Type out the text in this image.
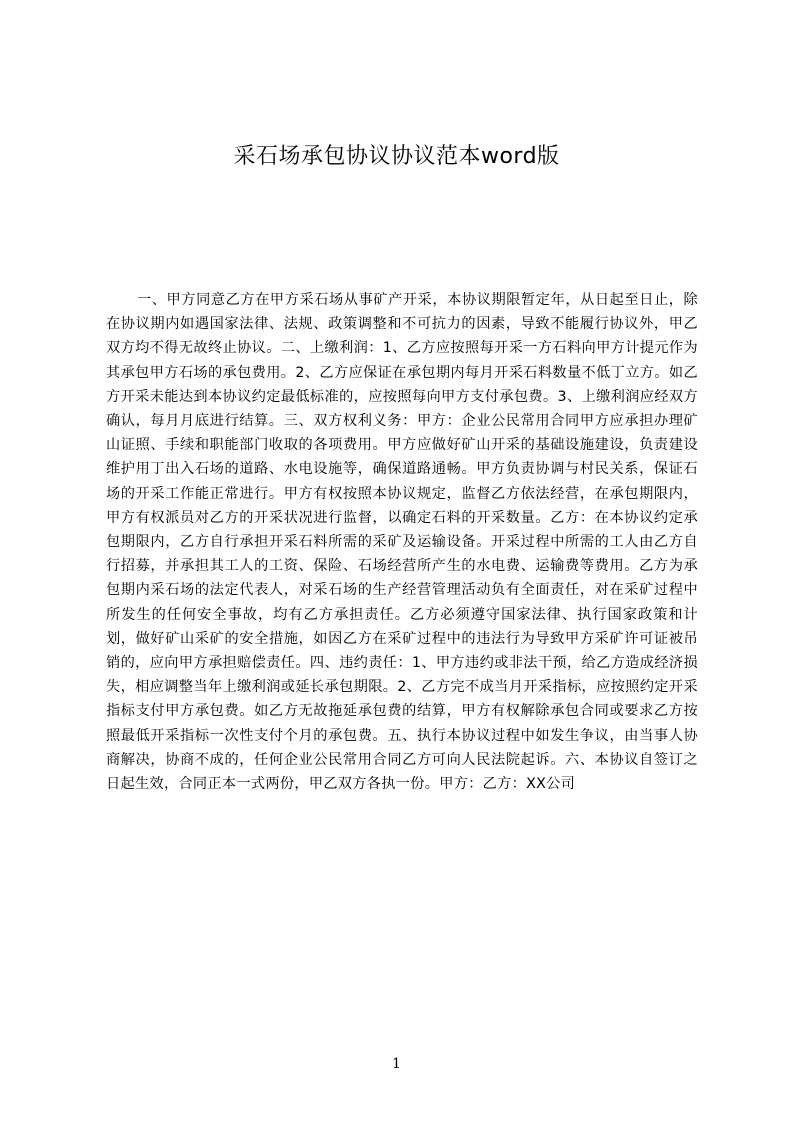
采石场承包协议协议范本word版

一、甲方同意乙方在甲方采石场从事矿产开采，本协议期限暂定年，从日起至日止，除在协议期内如遇国家法律、法规、政策调整和不可抗力的因素，导致不能履行协议外，甲乙双方均不得无故终止协议。二、上缴利润：1、乙方应按照每开采一方石料向甲方计提元作为其承包甲方石场的承包费用。2、乙方应保证在承包期内每月开采石料数量不低丁立方。如乙方开采未能达到本协议约定最低标准的，应按照每向甲方支付承包费。3、上缴利润应经双方确认，每月月底进行结算。三、双方权利义务：甲方：企业公民常用合同甲方应承担办理矿山证照、手续和职能部门收取的各项费用。甲方应做好矿山开采的基础设施建设，负责建设维护用丁出入石场的道路、水电设施等，确保道路通畅。甲方负责协调与村民关系，保证石场的开采工作能正常进行。甲方有权按照本协议规定，监督乙方依法经营，在承包期限内，甲方有权派员对乙方的开采状况进行监督，以确定石料的开采数量。乙方：在本协议约定承包期限内，乙方自行承担开采石料所需的采矿及运输设备。开采过程中所需的工人由乙方自行招募，并承担其工人的工资、保险、石场经营所产生的水电费、运输费等费用。乙方为承包期内采石场的法定代表人，对采石场的生产经营管理活动负有全面责任，对在采矿过程中所发生的任何安全事故，均有乙方承担责任。乙方必须遵守国家法律、执行国家政策和计划，做好矿山采矿的安全措施，如因乙方在采矿过程中的违法行为导致甲方采矿许可证被吊销的，应向甲方承担赔偿责任。四、违约责任：1、甲方违约或非法干预，给乙方造成经济损失，相应调整当年上缴利润或延长承包期限。2、乙方完不成当月开采指标，应按照约定开采指标支付甲方承包费。如乙方无故拖延承包费的结算，甲方有权解除承包合同或要求乙方按照最低开采指标一次性支付个月的承包费。五、执行本协议过程中如发生争议，由当事人协商解决，协商不成的，任何企业公民常用合同乙方可向人民法院起诉。六、本协议自签订之日起生效，合同正本一式两份，甲乙双方各执一份。甲方：乙方：XX公司

1
